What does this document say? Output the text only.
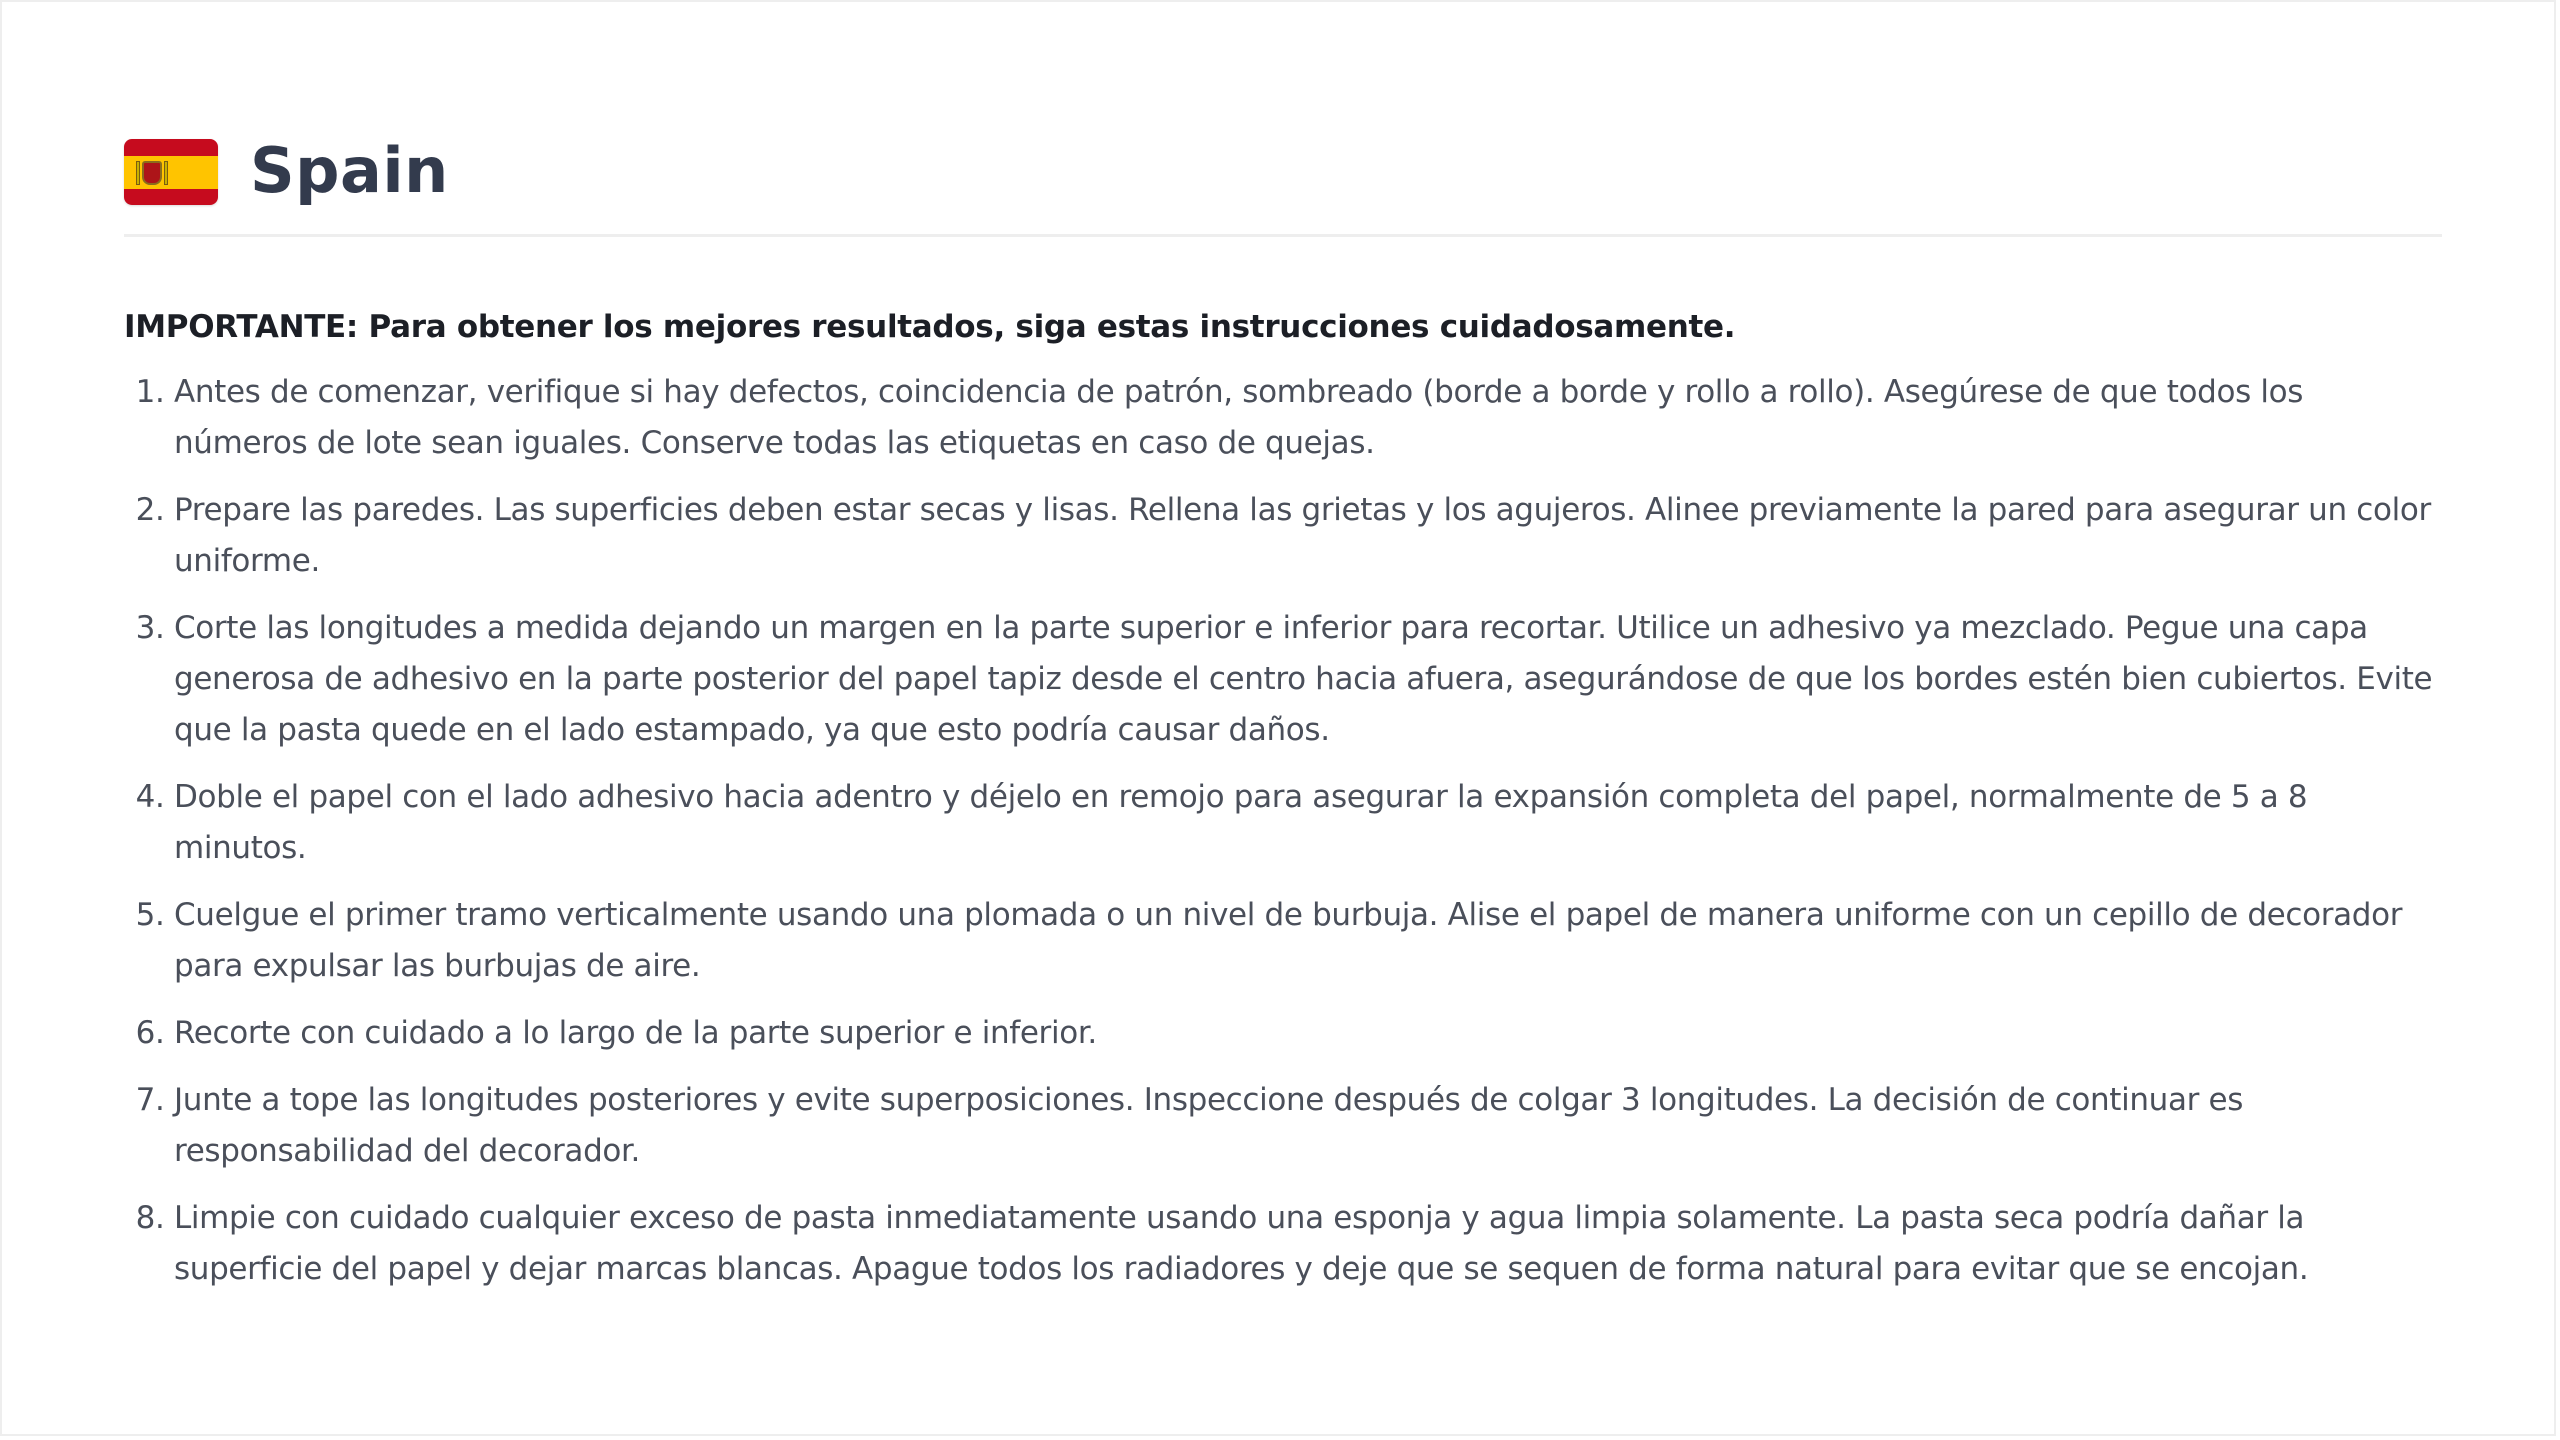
Spain
IMPORTANTE: Para obtener los mejores resultados, siga estas instrucciones cuidadosamente.
1. Antes de comenzar, verifique si hay defectos, coincidencia de patrón, sombreado (borde a borde y rollo a rollo). Asegúrese de que todos los números de lote sean iguales. Conserve todas las etiquetas en caso de quejas.
2. Prepare las paredes. Las superficies deben estar secas y lisas. Rellena las grietas y los agujeros. Alinee previamente la pared para asegurar un color uniforme.
3. Corte las longitudes a medida dejando un margen en la parte superior e inferior para recortar. Utilice un adhesivo ya mezclado. Pegue una capa generosa de adhesivo en la parte posterior del papel tapiz desde el centro hacia afuera, asegurándose de que los bordes estén bien cubiertos. Evite que la pasta quede en el lado estampado, ya que esto podría causar daños.
4. Doble el papel con el lado adhesivo hacia adentro y déjelo en remojo para asegurar la expansión completa del papel, normalmente de 5 a 8 minutos.
5. Cuelgue el primer tramo verticalmente usando una plomada o un nivel de burbuja. Alise el papel de manera uniforme con un cepillo de decorador para expulsar las burbujas de aire.
6. Recorte con cuidado a lo largo de la parte superior e inferior.
7. Junte a tope las longitudes posteriores y evite superposiciones. Inspeccione después de colgar 3 longitudes. La decisión de continuar es responsabilidad del decorador.
8. Limpie con cuidado cualquier exceso de pasta inmediatamente usando una esponja y agua limpia solamente. La pasta seca podría dañar la superficie del papel y dejar marcas blancas. Apague todos los radiadores y deje que se sequen de forma natural para evitar que se encojan.
